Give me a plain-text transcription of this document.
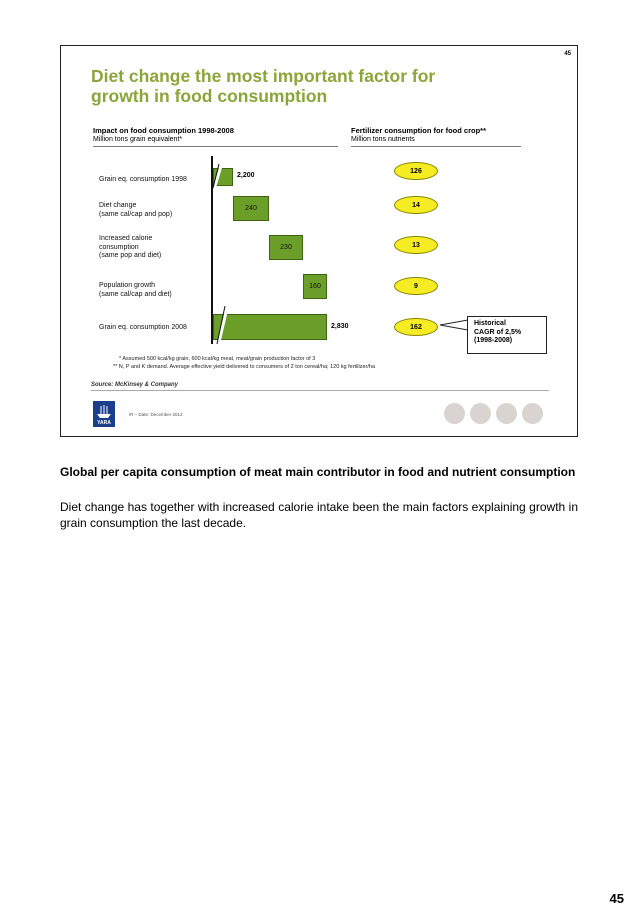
45
Diet change the most important factor for
growth in food consumption
Impact on food consumption 1998-2008
Million tons grain equivalent*
Fertilizer consumption for food crop**
Million tons nutrients
Grain eq. consumption 1998
Diet change
(same cal/cap and pop)
Increased calorie
consumption
(same pop and diet)
Population growth
(same cal/cap and diet)
Grain eq. consumption 2008
2,200
240
230
160
2,830
126
14
13
9
162	Historical
CAGR of 2,5%
(1998-2008)
* Assumed 500 kcal/kg grain, 600 kcal/kg meat, meat/grain production factor of 3
** N, P and K demand. Average effective yield delivered to consumers of 2 ton cereal/ha; 120 kg fertilizer/ha
Source: McKinsey & Company
YARA
IR – Date: December 2012
Global per capita consumption of meat main contributor in food and nutrient consumption
Diet change has together with increased calorie intake been the main factors explaining growth in grain consumption the last decade.
45
